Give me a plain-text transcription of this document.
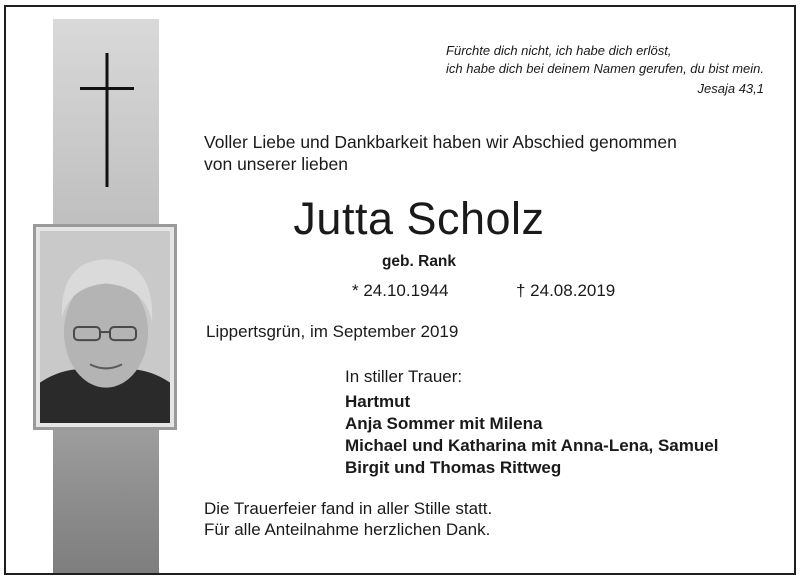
Fürchte dich nicht, ich habe dich erlöst,
ich habe dich bei deinem Namen gerufen, du bist mein.
Jesaja 43,1
Voller Liebe und Dankbarkeit haben wir Abschied genommen
von unserer lieben
Jutta Scholz
geb. Rank
* 24.10.1944	† 24.08.2019
Lippertsgrün, im September 2019
In stiller Trauer:
Hartmut
Anja Sommer mit Milena
Michael und Katharina mit Anna-Lena, Samuel
Birgit und Thomas Rittweg
Die Trauerfeier fand in aller Stille statt.
Für alle Anteilnahme herzlichen Dank.
